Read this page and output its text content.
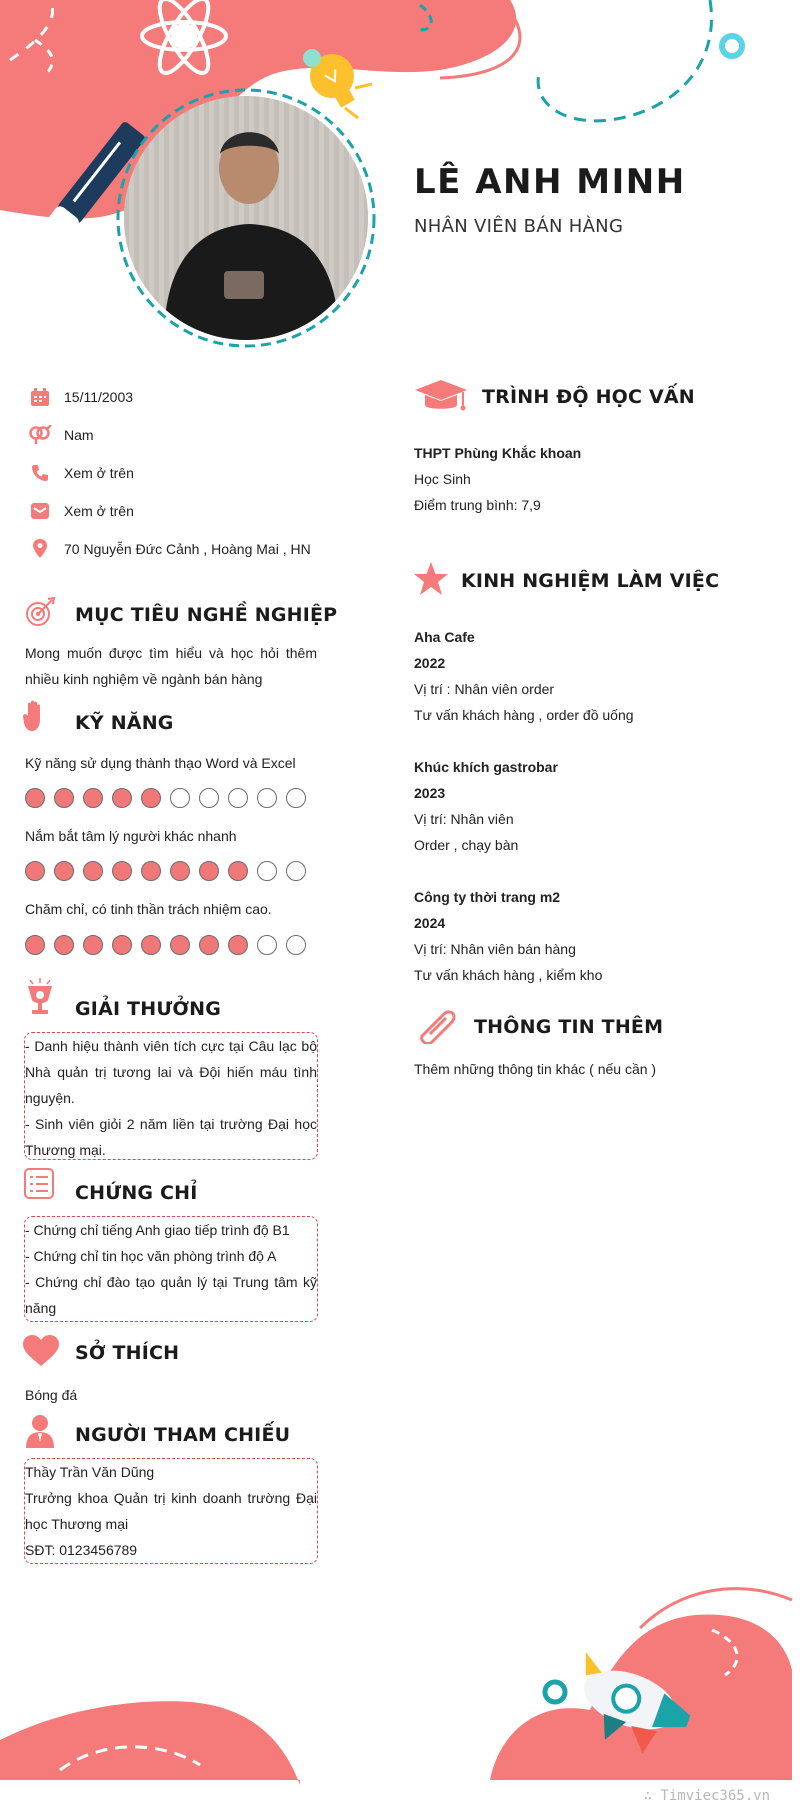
LÊ ANH MINH
NHÂN VIÊN BÁN HÀNG
15/11/2003
Nam
Xem ở trên
Xem ở trên
70 Nguyễn Đức Cảnh , Hoàng Mai , HN
MỤC TIÊU NGHỀ NGHIỆP
Mong muốn được tìm hiểu và học hỏi thêm nhiều kinh nghiệm về ngành bán hàng
KỸ NĂNG
Kỹ năng sử dụng thành thạo Word và Excel
Nắm bắt tâm lý người khác nhanh
Chăm chỉ, có tinh thần trách nhiệm cao.
GIẢI THƯỞNG
- Danh hiệu thành viên tích cực tại Câu lạc bộ Nhà quản trị tương lai và Đội hiến máu tình nguyện.
- Sinh viên giỏi 2 năm liền tại trường Đại học Thương mại.
CHỨNG CHỈ
- Chứng chỉ tiếng Anh giao tiếp trình độ B1
- Chứng chỉ tin học văn phòng trình độ A
- Chứng chỉ đào tạo quản lý tại Trung tâm kỹ năng
SỞ THÍCH
Bóng đá
NGƯỜI THAM CHIẾU
Thầy Trần Văn Dũng
Trưởng khoa Quản trị kinh doanh trường Đại học Thương mại
SĐT: 0123456789
TRÌNH ĐỘ HỌC VẤN
THPT Phùng Khắc khoan
Học Sinh
Điểm trung bình: 7,9
KINH NGHIỆM LÀM VIỆC
Aha Cafe
2022
Vị trí : Nhân viên order
Tư vấn khách hàng , order đồ uống
Khúc khích gastrobar
2023
Vị trí: Nhân viên
Order , chạy bàn
Công ty thời trang m2
2024
Vị trí: Nhân viên bán hàng
Tư vấn khách hàng , kiểm kho
THÔNG TIN THÊM
Thêm những thông tin khác ( nếu cần )
∴ Timviec365.vn
